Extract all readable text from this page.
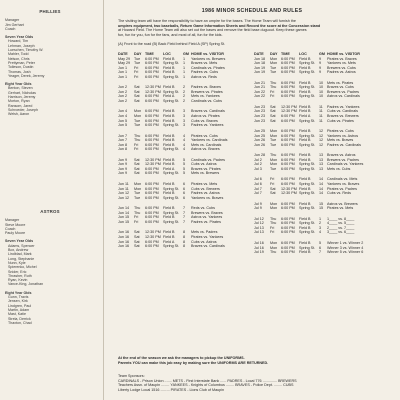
PHILLIES
Manager
Jim Gerhart
Coach
Seven Year Olds
Howard, Tim
Lehman, Joseph
Lueschen, Timothy W.
Mahler, Todd
Nelson, Chris
Prettyman, Peter
Tolleson, Dustin
Thomas, Josh
Yeager, Derek, Jeremy
Eight Year Olds
Benton, Steven
Gerhart, Nicholas
Harrison, Jeremy
Morton, Ryan
Ransom, Jared
Schroeder, Joseph
Welsh, Aaron
ASTROS
Manager
Steve Moore
Coach
Pauly Moore
Seven Year Olds
Adams, Spencer
Box, Andrew
Lindblad, Mark
Long, Stephanie
Nunn, Kyle
Spierenko, Michel
Snider, Eric
Thrasher, Ruth
Ryan, Kevin
Vance-King, Jonathan
Eight Year Olds
Gunn, Travis
Jensen, Kirk
Lindgren, Paul
Martin, Adam
Mast, Katie
Strela, Derrick
Thaxton, Chad
1986 MINOR SCHEDULE AND RULES
The visiting team will have the responsibility to have an umpire for the bases. The Home Team will furnish the
umpires equipment, two baseballs, Return Game Information Sheets and Record the score at the Concession stand
at Howard Field. The Home Team will also set out the bases and remove the field base duguout. Keep these games
fun, fun for you, fun for the fans, and most of all, fun for the kids.
(A) Front to the road (B) Back Field behind Field A (SP) Spring St.
DATE DAY TIME LOC	GM HOME vs. VISITOR
May 29 Tue 6:00 PM Field B 1 Yankees vs. Brewers
May 29 Tue 6:00 PM Spring St. 1 Braves vs. Mets
Jun 1 Fri 6:00 PM Field B 1 Cardinals vs. Pirates
Jun 1 Fri 6:00 PM Field B 1 Padres vs. Cubs
Jun 1 Fri 6:00 PM Spring St. 1 Astros vs. Reds
Jun 2 Sat 12:30 PM Field B 2 Padres vs. Braves
Jun 2 Sat 12:30 PM Spring St. 2 Brewers vs. Pirates
Jun 2 Sat 6:00 PM Field A 2 Mets vs. Yankees
Jun 2 Sat 6:00 PM Spring St. 2 Cardinals vs. Cubs
Jun 4 Mon 6:00 PM Field B 3 Braves vs. Cardinals
Jun 4 Mon 6:00 PM Field B 3 Astros vs. Pirates
Jun 5 Tue 6:00 PM Field B 3 Cubs vs. Braves
Jun 5 Tue 6:00 PM Spring St. 3 Padres vs. Yankees
Jun 7 Thu 6:00 PM Field B 4 Pirates vs. Cubs
Jun 7 Thu 6:00 PM Field B 4 Yankees vs. Cardinals
Jun 8 Fri 6:00 PM Field B 4 Mets vs. Cardinals
Jun 8 Fri 6:00 PM Spring St. 4 Astros vs. Braves
Jun 9 Sat 12:30 PM Field B 5 Cardinals vs. Padres
Jun 9 Sat 12:30 PM Field B 5 Cubs vs. Astros
Jun 9 Sat 6:00 PM Field A 5 Braves vs. Pirates
Jun 9 Sat 6:00 PM Spring St. 5 Mets vs. Brewers
Jun 11 Mon 6:00 PM Field B 6 Pirates vs. Mets
Jun 11 Mon 6:00 PM Spring St. 6 Cubs vs. Brewers
Jun 12 Tue 6:00 PM Field B 6 Padres vs. Astros
Jun 12 Tue 6:00 PM Spring St. 6 Yankees vs. Braves
Jun 14 Thu 6:00 PM Field B 7 Reds vs. Cubs
Jun 14 Thu 6:00 PM Spring St. 7 Brewers vs. Braves
Jun 15 Fri 6:00 PM Field B 7 Astros vs. Yankees
Jun 15 Fri 6:00 PM Spring St. 7 Padres vs. Pirates
Jun 16 Sat 12:30 PM Field B 8 Mets vs. Padres
Jun 16 Sat 12:30 PM Field B 8 Pirates vs. Yankees
Jun 16 Sat 6:00 PM Field A 8 Cubs vs. Astros
Jun 16 Sat 6:00 PM Spring St. 8 Braves vs. Cardinals
DATE DAY TIME LOC	GM HOME vs. VISITOR
Jun 18 Mon 6:00 PM Field B 9 Pirates vs. Braves
Jun 18 Mon 6:00 PM Spring St. 9 Yankees vs. Mets
Jun 19 Tue 6:00 PM Field B 9 Brewers vs. Cubs
Jun 19 Tue 6:00 PM Spring St. 9 Padres vs. Astros
Jun 21 Thu 6:00 PM Field B 10 Mets vs. Pirates
Jun 21 Thu 6:00 PM Spring St. 10 Braves vs. Cubs
Jun 22 Fri 6:00 PM Field B 10 Brewers vs. Padres
Jun 22 Fri 6:00 PM Spring St. 10 Astros vs. Cardinals
Jun 23 Sat 12:30 PM Field B 11 Padres vs. Yankees
Jun 23 Sat 12:30 PM Field B 11 Cubs vs. Cardinals
Jun 23 Sat 6:00 PM Field A 11 Braves vs. Brewers
Jun 23 Sat 6:00 PM Spring St. 11 Cubs vs. Pirates
Jun 25 Mon 6:00 PM Field B 12 Pirates vs. Cubs
Jun 25 Mon 6:00 PM Spring St. 12 Yankees vs. Astros
Jun 26 Tue 6:00 PM Field B 12 Mets vs. Braves
Jun 26 Tue 6:00 PM Spring St. 12 Padres vs. Cardinals
Jun 28 Thu 6:00 PM Field B 13 Braves vs. Astros
Jul 2 Mon 6:00 PM Field B 13 Brewers vs. Padres
Jul 2 Mon 6:00 PM Spring St. 13 Cardinals vs. Yankees
Jul 3 Tue 6:00 PM Spring St. 13 Mets vs. Cubs
Jul 6 Fri 6:00 PM Field B 14 Cardinals vs. Mets
Jul 6 Fri 6:00 PM Spring St. 14 Yankees vs. Braves
Jul 7 Sat 12:30 PM Field B 14 Pirates vs. Padres
Jul 7 Sat 12:30 PM Spring St. 14 Cubs vs. Reds
Jul 9 Mon 6:00 PM Field B 15 Astros vs. Brewers
Jul 9 Mon 6:00 PM Spring St. 15 Pirates vs. Mets
Jul 12 Thu 6:00 PM Field B 1 1____ vs. 8____
Jul 12 Thu 6:00 PM Spring St. 2 4____ vs. 5____
Jul 13 Fri 6:00 PM Field B 3 2____ vs. 7____
Jul 13 Fri 6:00 PM Spring St. 4 3____ vs. 6____
Jul 16 Mon 6:00 PM Field B 5 Winner 1 vs. Winner 2
Jul 16 Mon 6:00 PM Spring St. 6 Winner 3 vs. Winner 4
Jul 19 Thu 6:00 PM Field B 7 Winner 5 vs. Winner 6
At the end of the season we ask the managers to pickup the UNIFORMS.
Parents YOU can make this job easy by making sure the UNIFORMS ARE RETURNED.
Team Sponsors:
CARDINALS - Prison Union ....... METS - First Interstate Bank ...... PADRES - Local 776 .............. BREWERS
Teachers Assn. of Maupin ........ YANKEES - Knights of Columbus ........ BRAVES - Police Dept. ........ CUBS
Liberty Lodge Local 1516 ......... PIRATES - Lions Club of Maupin
